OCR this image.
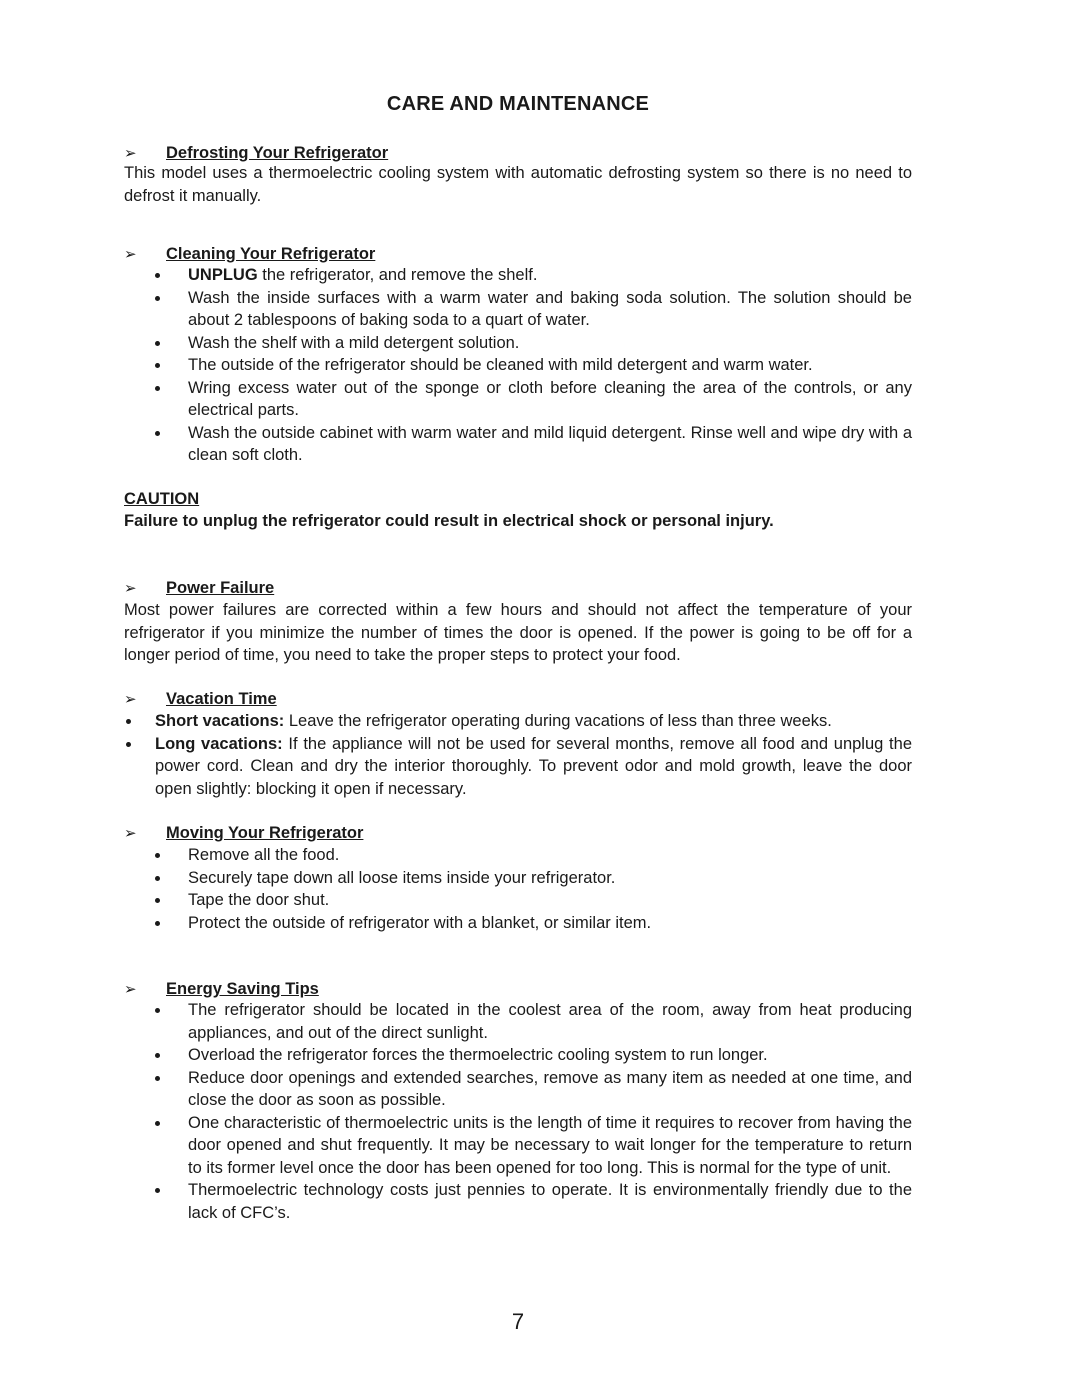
CARE AND MAINTENANCE
➢ Defrosting Your Refrigerator
This model uses a thermoelectric cooling system with automatic defrosting system so there is no need to defrost it manually.
➢ Cleaning Your Refrigerator
UNPLUG the refrigerator, and remove the shelf.
Wash the inside surfaces with a warm water and baking soda solution. The solution should be about 2 tablespoons of baking soda to a quart of water.
Wash the shelf with a mild detergent solution.
The outside of the refrigerator should be cleaned with mild detergent and warm water.
Wring excess water out of the sponge or cloth before cleaning the area of the controls, or any electrical parts.
Wash the outside cabinet with warm water and mild liquid detergent. Rinse well and wipe dry with a clean soft cloth.
CAUTION
Failure to unplug the refrigerator could result in electrical shock or personal injury.
➢ Power Failure
Most power failures are corrected within a few hours and should not affect the temperature of your refrigerator if you minimize the number of times the door is opened. If the power is going to be off for a longer period of time, you need to take the proper steps to protect your food.
➢ Vacation Time
Short vacations: Leave the refrigerator operating during vacations of less than three weeks.
Long vacations: If the appliance will not be used for several months, remove all food and unplug the power cord. Clean and dry the interior thoroughly. To prevent odor and mold growth, leave the door open slightly: blocking it open if necessary.
➢ Moving Your Refrigerator
Remove all the food.
Securely tape down all loose items inside your refrigerator.
Tape the door shut.
Protect the outside of refrigerator with a blanket, or similar item.
➢ Energy Saving Tips
The refrigerator should be located in the coolest area of the room, away from heat producing appliances, and out of the direct sunlight.
Overload the refrigerator forces the thermoelectric cooling system to run longer.
Reduce door openings and extended searches, remove as many item as needed at one time, and close the door as soon as possible.
One characteristic of thermoelectric units is the length of time it requires to recover from having the door opened and shut frequently. It may be necessary to wait longer for the temperature to return to its former level once the door has been opened for too long. This is normal for the type of unit.
Thermoelectric technology costs just pennies to operate. It is environmentally friendly due to the lack of CFC’s.
7
